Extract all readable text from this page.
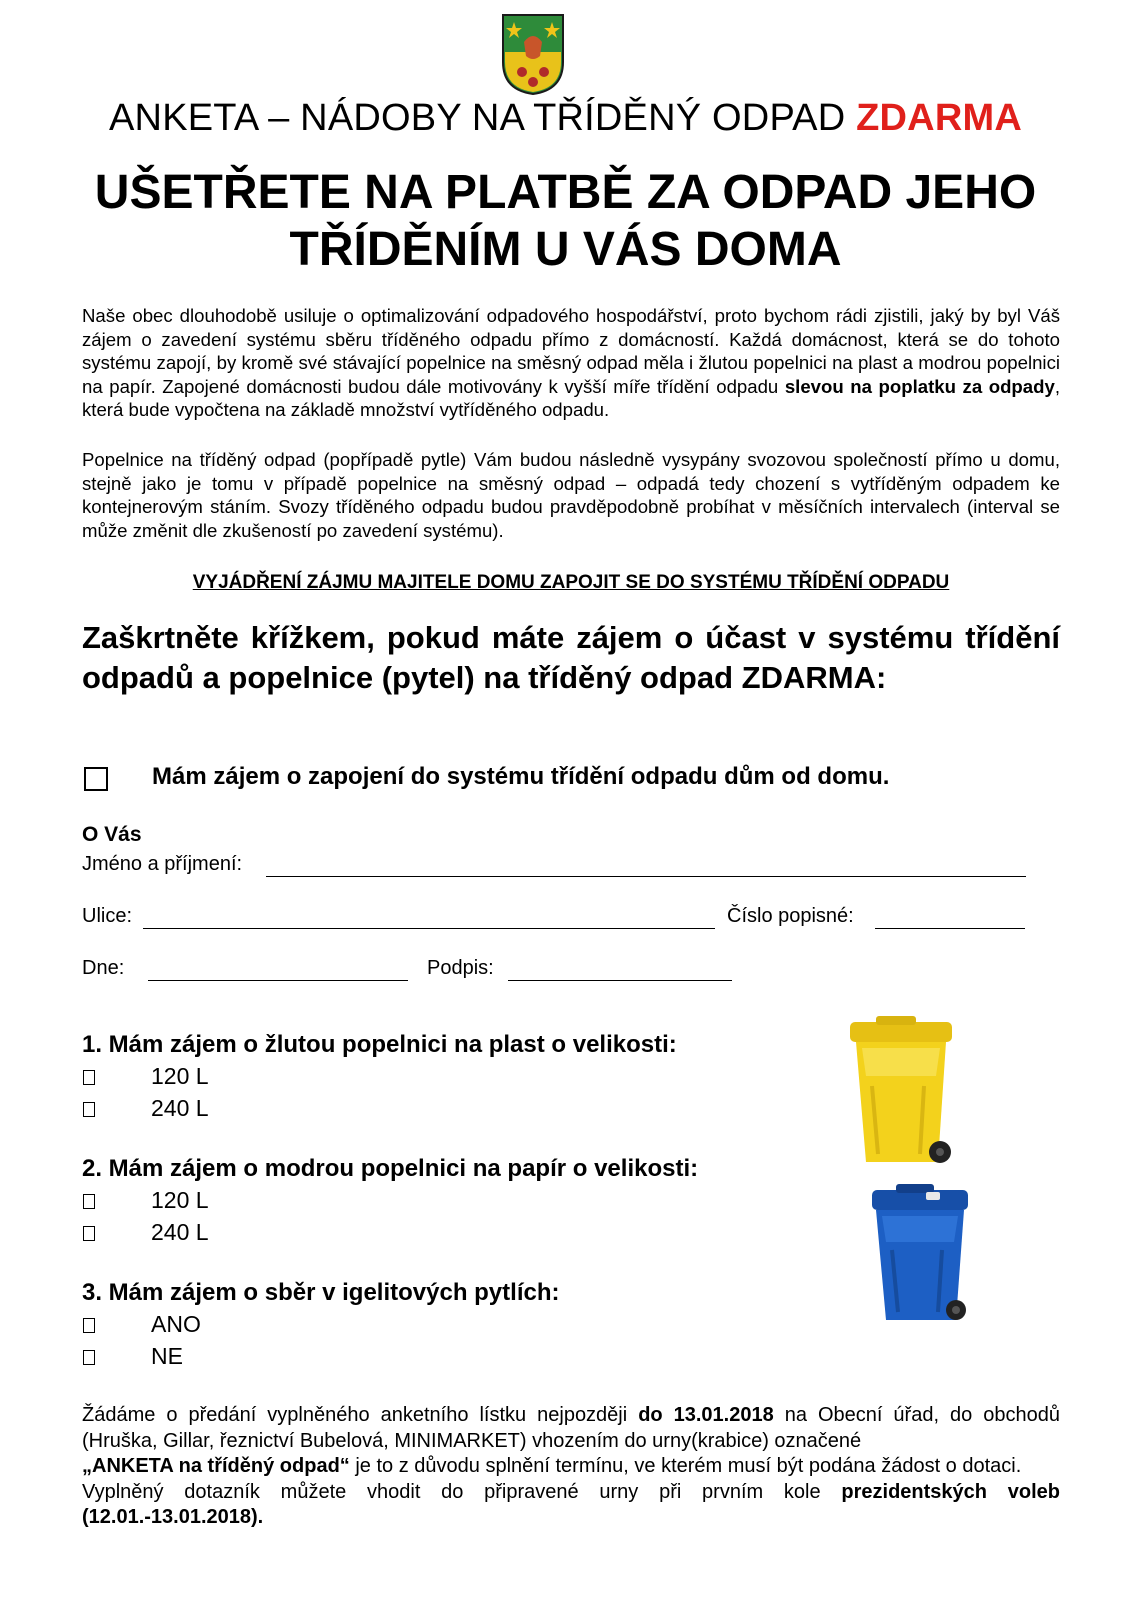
ANKETA – NÁDOBY NA TŘÍDĚNÝ ODPAD ZDARMA
UŠETŘETE NA PLATBĚ ZA ODPAD JEHO
TŘÍDĚNÍM U VÁS DOMA
Naše obec dlouhodobě usiluje o optimalizování odpadového hospodářství, proto bychom rádi zjistili, jaký by byl Váš zájem o zavedení systému sběru tříděného odpadu přímo z domácností. Každá domácnost, která se do tohoto systému zapojí, by kromě své stávající popelnice na směsný odpad měla i žlutou popelnici na plast a modrou popelnici na papír. Zapojené domácnosti budou dále motivovány k vyšší míře třídění odpadu slevou na poplatku za odpady, která bude vypočtena na základě množství vytříděného odpadu.
Popelnice na tříděný odpad (popřípadě pytle) Vám budou následně vysypány svozovou společností přímo u domu, stejně jako je tomu v případě popelnice na směsný odpad – odpadá tedy chození s vytříděným odpadem ke kontejnerovým stáním. Svozy tříděného odpadu budou pravděpodobně probíhat v měsíčních intervalech (interval se může změnit dle zkušeností po zavedení systému).
VYJÁDŘENÍ ZÁJMU MAJITELE DOMU ZAPOJIT SE DO SYSTÉMU TŘÍDĚNÍ ODPADU
Zaškrtněte křížkem, pokud máte zájem o účast v systému třídění odpadů a popelnice (pytel) na tříděný odpad ZDARMA:
Mám zájem o zapojení do systému třídění odpadu dům od domu.
O Vás
Jméno a příjmení:
Ulice:	Číslo popisné:
Dne:	Podpis:
1. Mám zájem o žlutou popelnici na plast o velikosti:
120 L
240 L
2. Mám zájem o modrou popelnici na papír o velikosti:
120 L
240 L
3. Mám zájem o sběr v igelitových pytlích:
ANO
NE
Žádáme o předání vyplněného anketního lístku nejpozději do 13.01.2018 na Obecní úřad, do obchodů (Hruška, Gillar, řeznictví Bubelová, MINIMARKET) vhozením do urny(krabice) označené
„ANKETA na tříděný odpad“ je to z důvodu splnění termínu, ve kterém musí být podána žádost o dotaci.
Vyplněný dotazník můžete vhodit do připravené urny při prvním kole prezidentských voleb (12.01.-13.01.2018).
